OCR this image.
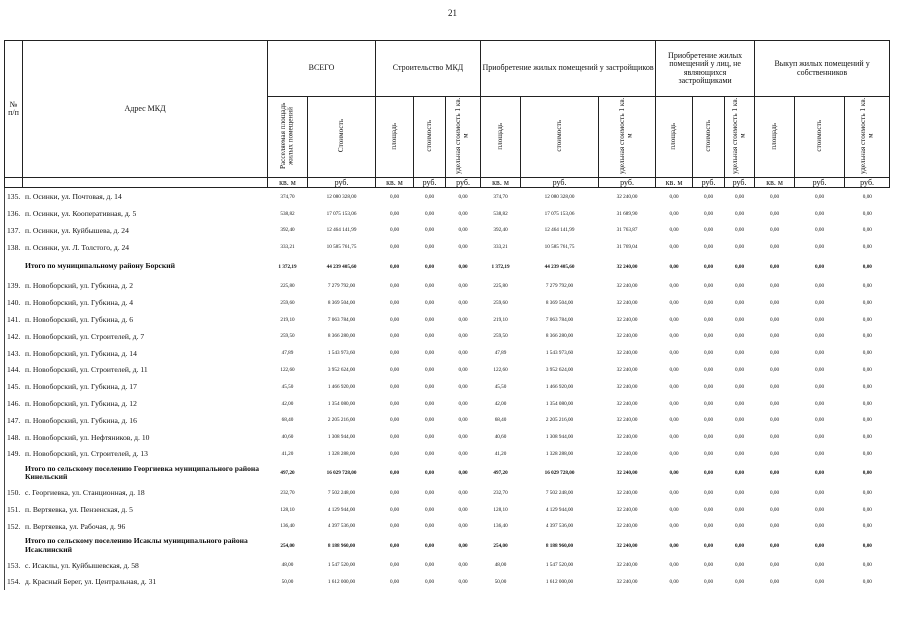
21
№ п/п	Адрес МКД	ВСЕГО		Строительство МКД			Приобретение жилых помещений у застройщиков			Приобретение жилых помещений у лиц, не являющихся застройщиками			Выкуп жилых помещений у собственников		
		Расселяемая площадь жилых помещений	Стоимость	площадь	стоимость	удельная стоимость 1 кв. м	площадь	стоимость	удельная стоимость 1 кв. м	площадь	стоимость	удельная стоимость 1 кв. м	площадь	стоимость	удельная стоимость 1 кв. м
		кв. м	руб.	кв. м	руб.	руб.	кв. м	руб.	руб.	кв. м	руб.	руб.	кв. м	руб.	руб.
135.	п. Осинки, ул. Почтовая, д. 14	374,70	12 080 328,00	0,00	0,00	0,00	374,70	12 080 328,00	32 240,00	0,00	0,00	0,00	0,00	0,00	0,00
136.	п. Осинки, ул. Кооперативная, д. 5	538,82	17 075 153,06	0,00	0,00	0,00	538,82	17 075 153,06	31 689,90	0,00	0,00	0,00	0,00	0,00	0,00
137.	п. Осинки, ул. Куйбышева, д. 24	392,40	12 464 141,99	0,00	0,00	0,00	392,40	12 464 141,99	31 763,87	0,00	0,00	0,00	0,00	0,00	0,00
138.	п. Осинки, ул. Л. Толстого, д. 24	333,21	10 585 761,75	0,00	0,00	0,00	333,21	10 585 761,75	31 769,04	0,00	0,00	0,00	0,00	0,00	0,00
	Итого по муниципальному району Борский	1 372,19	44 239 405,60	0,00	0,00	0,00	1 372,19	44 239 405,60	32 240,00	0,00	0,00	0,00	0,00	0,00	0,00
139.	п. Новоборский, ул. Губкина, д. 2	225,80	7 279 792,00	0,00	0,00	0,00	225,80	7 279 792,00	32 240,00	0,00	0,00	0,00	0,00	0,00	0,00
140.	п. Новоборский, ул. Губкина, д. 4	259,60	8 369 504,00	0,00	0,00	0,00	259,60	8 369 504,00	32 240,00	0,00	0,00	0,00	0,00	0,00	0,00
141.	п. Новоборский, ул. Губкина, д. 6	219,10	7 063 784,00	0,00	0,00	0,00	219,10	7 063 784,00	32 240,00	0,00	0,00	0,00	0,00	0,00	0,00
142.	п. Новоборский, ул. Строителей, д. 7	259,50	8 366 280,00	0,00	0,00	0,00	259,50	8 366 280,00	32 240,00	0,00	0,00	0,00	0,00	0,00	0,00
143.	п. Новоборский, ул. Губкина, д. 14	47,89	1 543 973,60	0,00	0,00	0,00	47,89	1 543 973,60	32 240,00	0,00	0,00	0,00	0,00	0,00	0,00
144.	п. Новоборский, ул. Строителей, д. 11	122,60	3 952 624,00	0,00	0,00	0,00	122,60	3 952 624,00	32 240,00	0,00	0,00	0,00	0,00	0,00	0,00
145.	п. Новоборский, ул. Губкина, д. 17	45,50	1 466 920,00	0,00	0,00	0,00	45,50	1 466 920,00	32 240,00	0,00	0,00	0,00	0,00	0,00	0,00
146.	п. Новоборский, ул. Губкина, д. 12	42,00	1 354 080,00	0,00	0,00	0,00	42,00	1 354 080,00	32 240,00	0,00	0,00	0,00	0,00	0,00	0,00
147.	п. Новоборский, ул. Губкина, д. 16	68,40	2 205 216,00	0,00	0,00	0,00	68,40	2 205 216,00	32 240,00	0,00	0,00	0,00	0,00	0,00	0,00
148.	п. Новоборский, ул. Нефтяников, д. 10	40,60	1 308 944,00	0,00	0,00	0,00	40,60	1 308 944,00	32 240,00	0,00	0,00	0,00	0,00	0,00	0,00
149.	п. Новоборский, ул. Строителей, д. 13	41,20	1 328 288,00	0,00	0,00	0,00	41,20	1 328 288,00	32 240,00	0,00	0,00	0,00	0,00	0,00	0,00
	Итого по сельскому поселению Георгиевка муниципального района Кинельский	497,20	16 029 728,00	0,00	0,00	0,00	497,20	16 029 728,00	32 240,00	0,00	0,00	0,00	0,00	0,00	0,00
150.	с. Георгиевка, ул. Станционная, д. 18	232,70	7 502 248,00	0,00	0,00	0,00	232,70	7 502 248,00	32 240,00	0,00	0,00	0,00	0,00	0,00	0,00
151.	п. Вертяевка, ул. Пензенская, д. 5	128,10	4 129 944,00	0,00	0,00	0,00	128,10	4 129 944,00	32 240,00	0,00	0,00	0,00	0,00	0,00	0,00
152.	п. Вертяевка, ул. Рабочая, д. 96	136,40	4 397 536,00	0,00	0,00	0,00	136,40	4 397 536,00	32 240,00	0,00	0,00	0,00	0,00	0,00	0,00
	Итого по сельскому поселению Исаклы муниципального района Исаклинский	254,00	8 188 960,00	0,00	0,00	0,00	254,00	8 188 960,00	32 240,00	0,00	0,00	0,00	0,00	0,00	0,00
153.	с. Исаклы, ул. Куйбышевская, д. 58	48,00	1 547 520,00	0,00	0,00	0,00	48,00	1 547 520,00	32 240,00	0,00	0,00	0,00	0,00	0,00	0,00
154.	д. Красный Берег, ул. Центральная, д. 31	50,00	1 612 000,00	0,00	0,00	0,00	50,00	1 612 000,00	32 240,00	0,00	0,00	0,00	0,00	0,00	0,00
